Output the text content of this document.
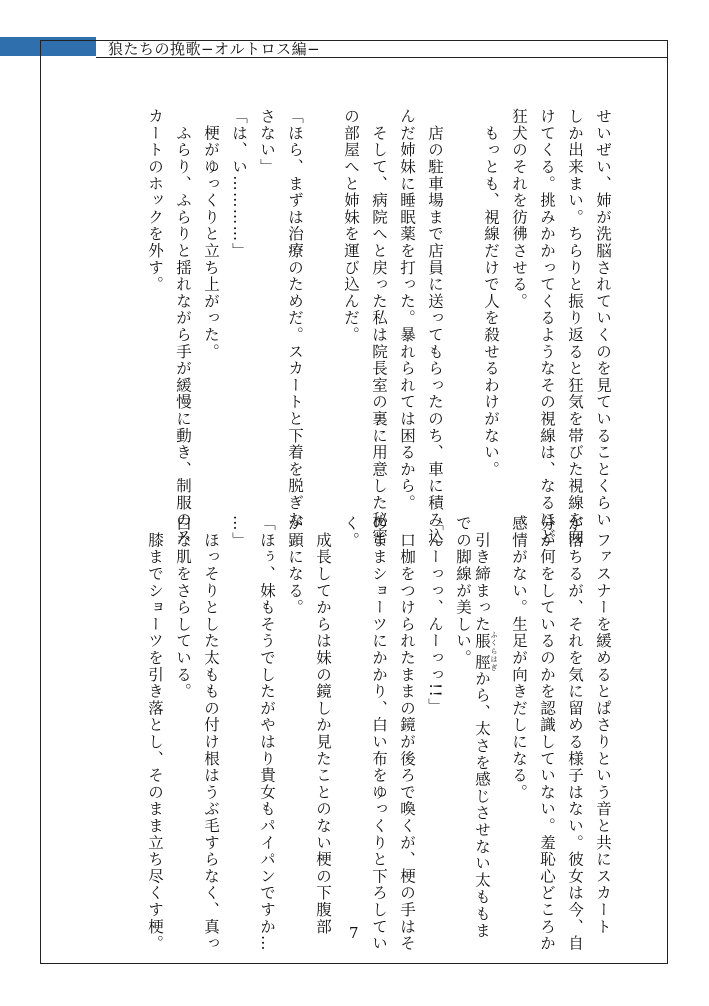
狼たちの挽歌−オルトロス編−
せいぜい、姉が洗脳されていくのを見ていることくらい
しか出来まい。ちらりと振り返ると狂気を帯びた視線を向
けてくる。挑みかかってくるようなその視線は、なるほど
狂犬のそれを彷彿させる。
　もっとも、視線だけで人を殺せるわけがない。
　店の駐車場まで店員に送ってもらったのち、車に積み込
んだ姉妹に睡眠薬を打った。暴れられては困るから。
　そして、病院へと戻った私は院長室の裏に用意した秘密
の部屋へと姉妹を運び込んだ。
「ほら、まずは治療のためだ。スカートと下着を脱ぎな
さない」
「は、い…………」
　梗がゆっくりと立ち上がった。
　ふらり、ふらりと揺れながら手が緩慢に動き、制服のス
カートのホックを外す。
　ファスナーを緩めるとぱさりという音と共にスカート
が落ちるが、それを気に留める様子はない。彼女は今、自
分が何をしているのかを認識していない。羞恥心どころか
感情がない。生足が向きだしになる。
　引き締まった脹脛 ふくらはぎから、太さを感じさせない太ももま
での脚線が美しい。
「んーっっ、んーっっ!!」
　口枷をつけられたままの鏡が後ろで喚くが、梗の手はそ
のままショーツにかかり、白い布をゆっくりと下ろしてい
く。
　成長してからは妹の鏡しか見たことのない梗の下腹部
が顕になる。
「ほぅ、妹もそうでしたがやはり貴女もパイパンですか…
…」
　ほっそりとした太ももの付け根はうぶ毛すらなく、真っ
白な肌をさらしている。
　膝までショーツを引き落とし、そのまま立ち尽くす梗。	7
